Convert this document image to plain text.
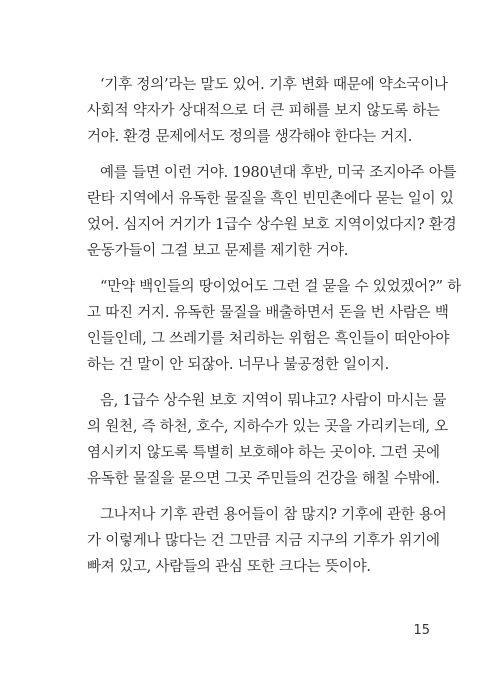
‘기후 정의’라는 말도 있어. 기후 변화 때문에 약소국이나
사회적 약자가 상대적으로 더 큰 피해를 보지 않도록 하는
거야. 환경 문제에서도 정의를 생각해야 한다는 거지.

예를 들면 이런 거야. 1980년대 후반, 미국 조지아주 아틀
란타 지역에서 유독한 물질을 흑인 빈민촌에다 묻는 일이 있
었어. 심지어 거기가 1급수 상수원 보호 지역이었다지? 환경
운동가들이 그걸 보고 문제를 제기한 거야.

“만약 백인들의 땅이었어도 그런 걸 묻을 수 있었겠어?” 하
고 따진 거지. 유독한 물질을 배출하면서 돈을 번 사람은 백
인들인데, 그 쓰레기를 처리하는 위험은 흑인들이 떠안아야
하는 건 말이 안 되잖아. 너무나 불공정한 일이지.

음, 1급수 상수원 보호 지역이 뭐냐고? 사람이 마시는 물
의 원천, 즉 하천, 호수, 지하수가 있는 곳을 가리키는데, 오
염시키지 않도록 특별히 보호해야 하는 곳이야. 그런 곳에
유독한 물질을 묻으면 그곳 주민들의 건강을 해칠 수밖에.

그나저나 기후 관련 용어들이 참 많지? 기후에 관한 용어
가 이렇게나 많다는 건 그만큼 지금 지구의 기후가 위기에
빠져 있고, 사람들의 관심 또한 크다는 뜻이야.

15
